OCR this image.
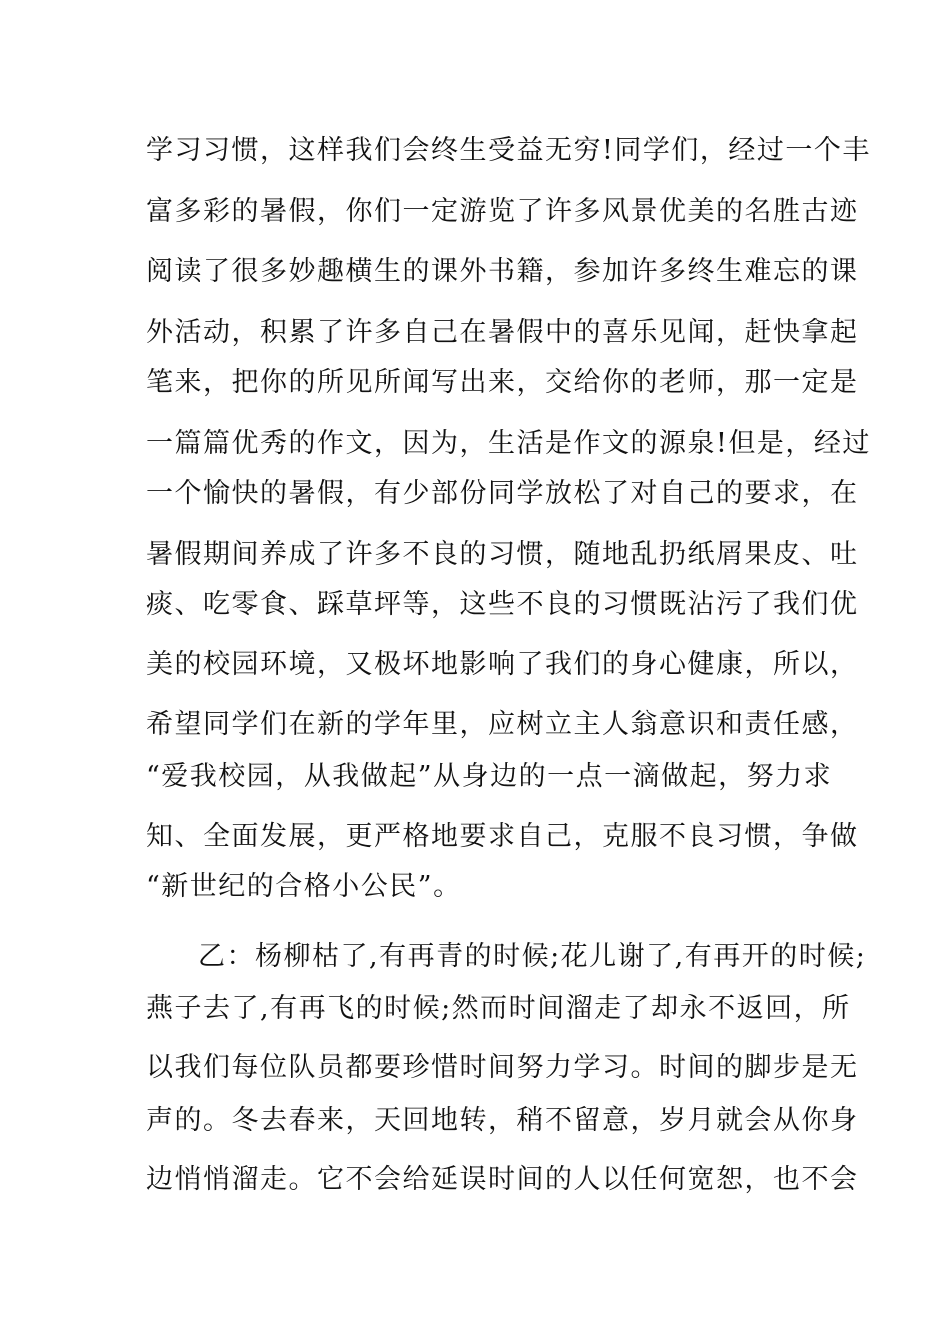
学习习惯，这样我们会终生受益无穷!同学们，经过一个丰
富多彩的暑假，你们一定游览了许多风景优美的名胜古迹
阅读了很多妙趣横生的课外书籍，参加许多终生难忘的课
外活动，积累了许多自己在暑假中的喜乐见闻，赶快拿起
笔来，把你的所见所闻写出来，交给你的老师，那一定是
一篇篇优秀的作文，因为，生活是作文的源泉!但是，经过
一个愉快的暑假，有少部份同学放松了对自己的要求，在
暑假期间养成了许多不良的习惯，随地乱扔纸屑果皮、吐
痰、吃零食、踩草坪等，这些不良的习惯既沾污了我们优
美的校园环境，又极坏地影响了我们的身心健康，所以，
希望同学们在新的学年里，应树立主人翁意识和责任感，
“爱我校园，从我做起”从身边的一点一滴做起，努力求
知、全面发展，更严格地要求自己，克服不良习惯，争做
“新世纪的合格小公民”。
乙：杨柳枯了,有再青的时候;花儿谢了,有再开的时候;
燕子去了,有再飞的时候;然而时间溜走了却永不返回，所
以我们每位队员都要珍惜时间努力学习。时间的脚步是无
声的。冬去春来，天回地转，稍不留意，岁月就会从你身
边悄悄溜走。它不会给延误时间的人以任何宽恕，也不会
